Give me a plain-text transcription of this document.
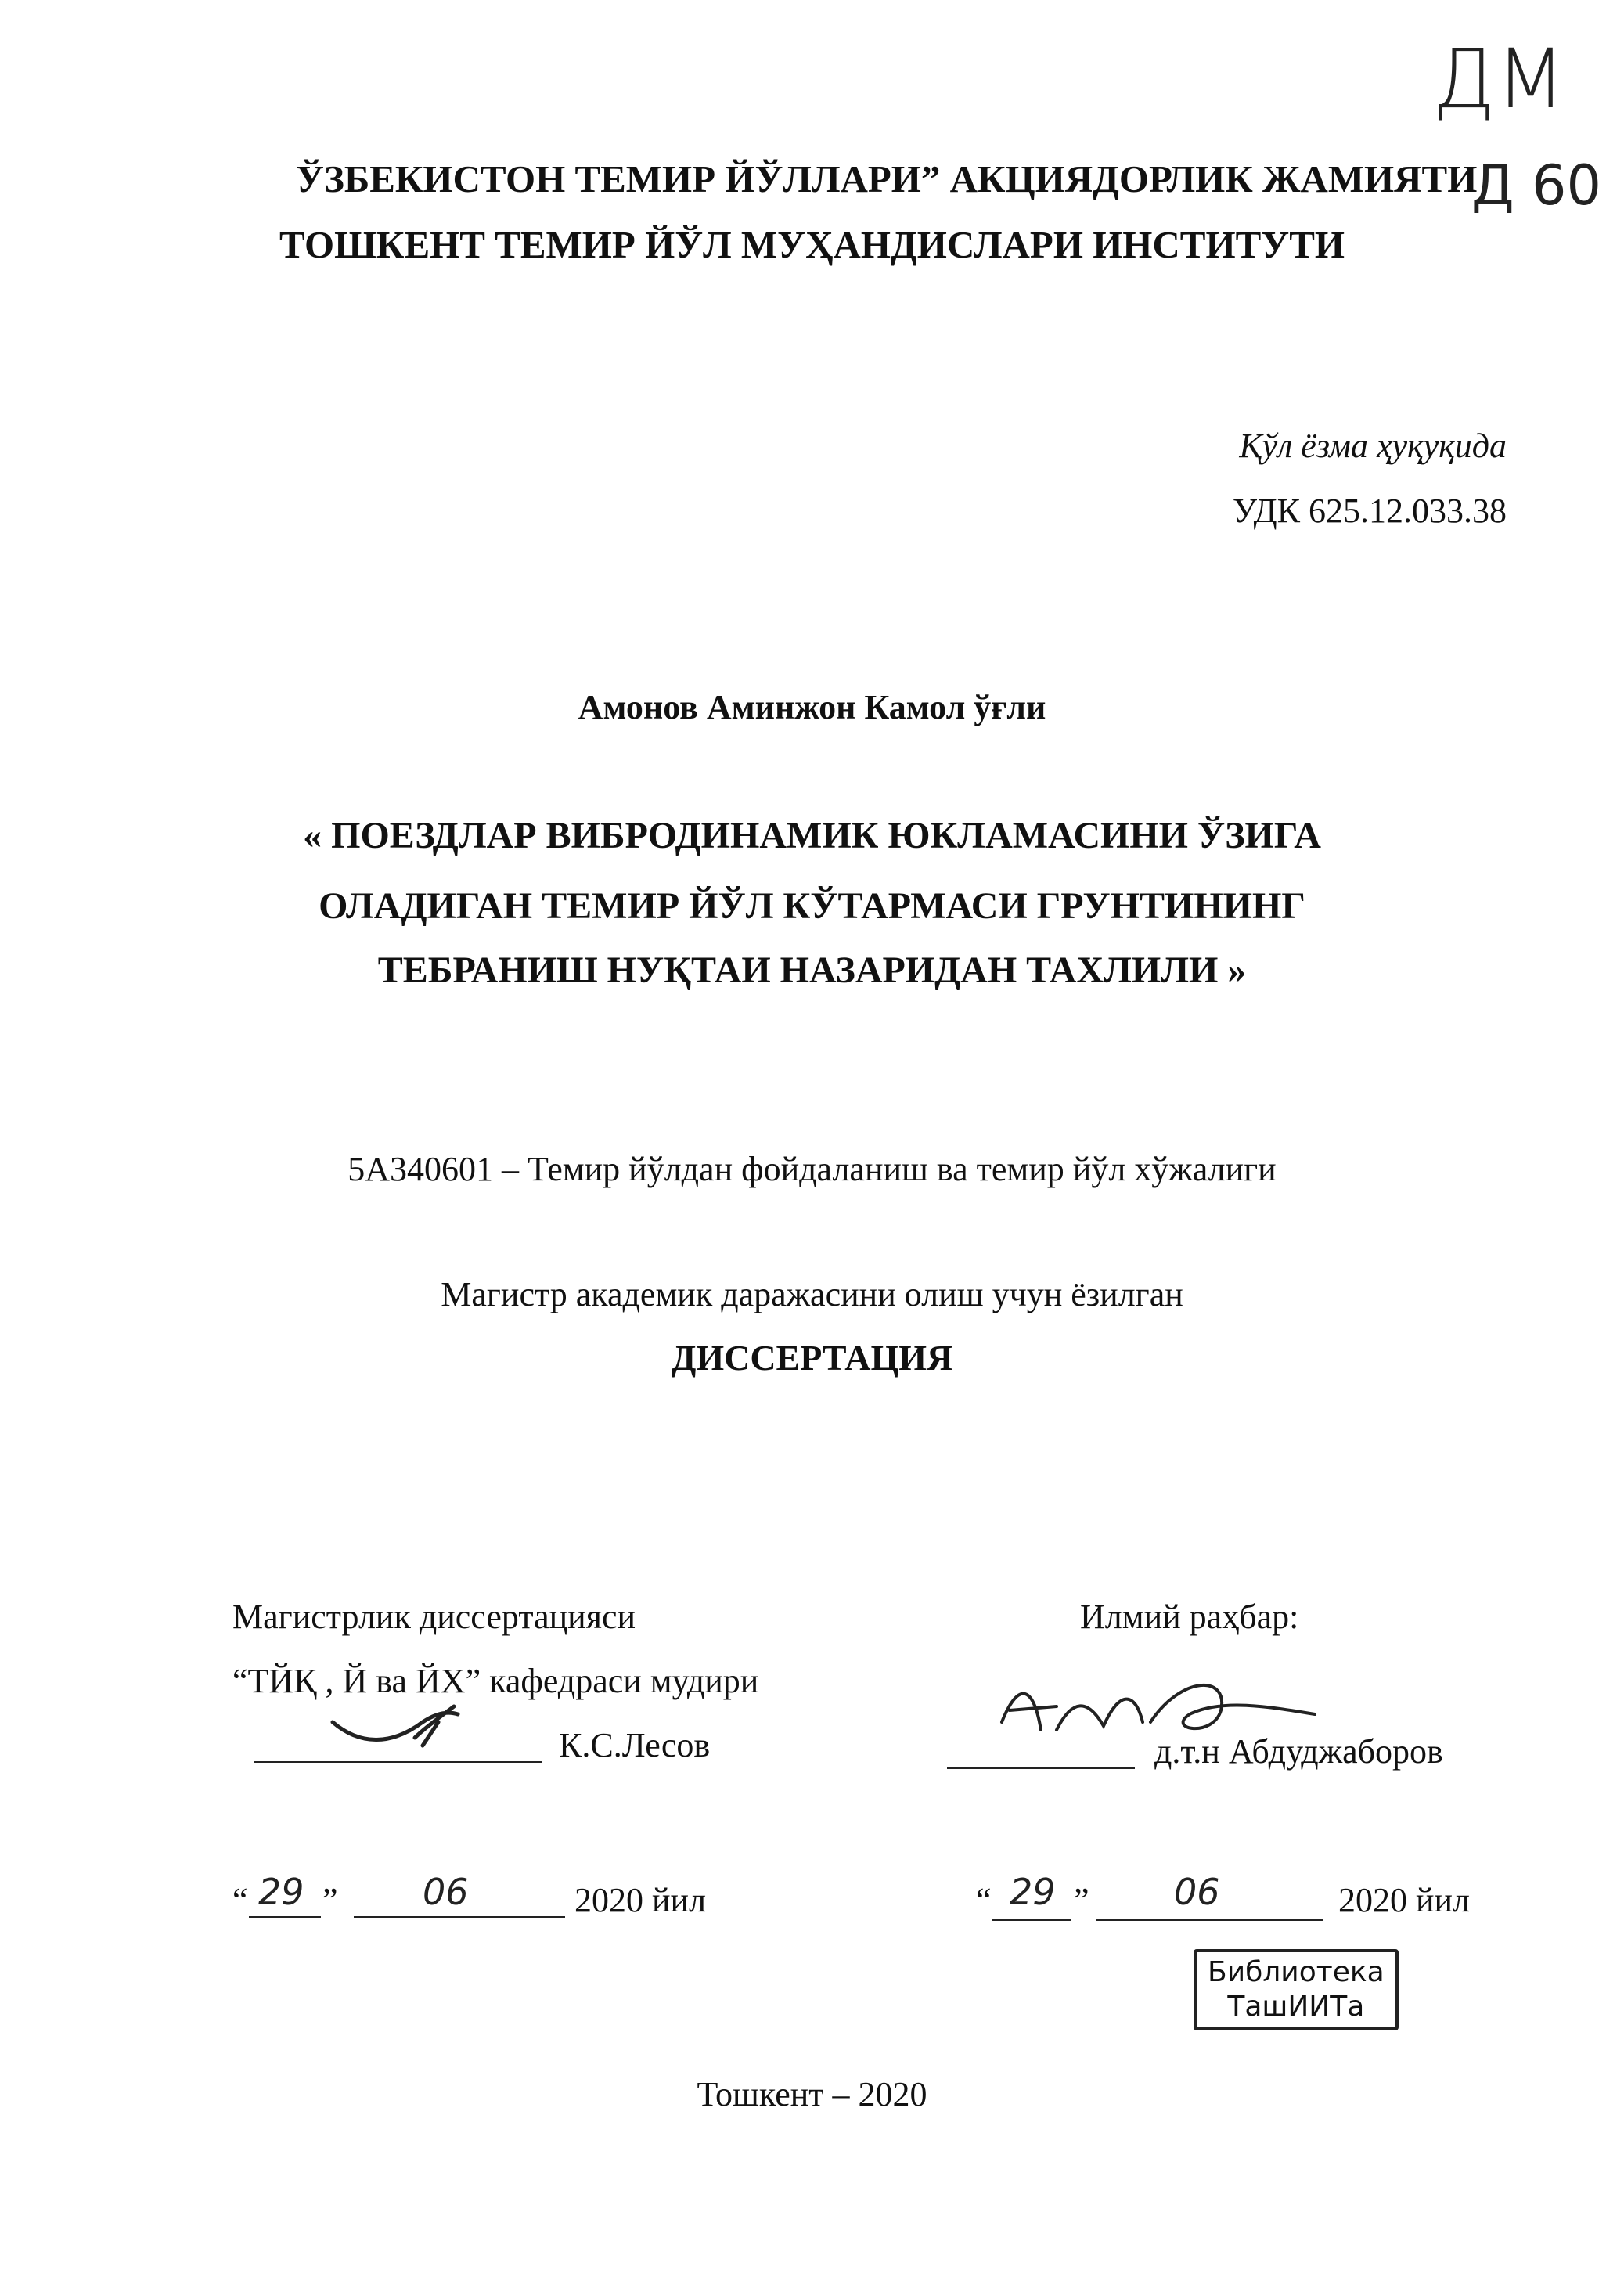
ДМ
ЎЗБЕКИСТОН ТЕМИР ЙЎЛЛАРИ” АКЦИЯДОРЛИК ЖАМИЯТИ
Д 60
ТОШКЕНТ ТЕМИР ЙЎЛ МУҲАНДИСЛАРИ ИНСТИТУТИ
Қўл ёзма ҳуқуқида
УДК 625.12.033.38
Амонов Аминжон Камол ўғли
« ПОЕЗДЛАР ВИБРОДИНАМИК ЮКЛАМАСИНИ ЎЗИГА
ОЛАДИГАН ТЕМИР ЙЎЛ КЎТАРМАСИ ГРУНТИНИНГ
ТЕБРАНИШ НУҚТАИ НАЗАРИДАН ТАХЛИЛИ »
5А340601 – Темир йўлдан фойдаланиш ва темир йўл хўжалиги
Магистр академик даражасини олиш учун ёзилган
ДИССЕРТАЦИЯ
Магистрлик диссертацияси
“ТЙҚ , Й ва ЙХ” кафедраси мудири
К.С.Лесов
“ 29 ” 06	2020 йил
Илмий раҳбар:
д.т.н Абдуджаборов
“ 29 ” 06	2020 йил
Библиотека
ТашИИТа
Тошкент – 2020
